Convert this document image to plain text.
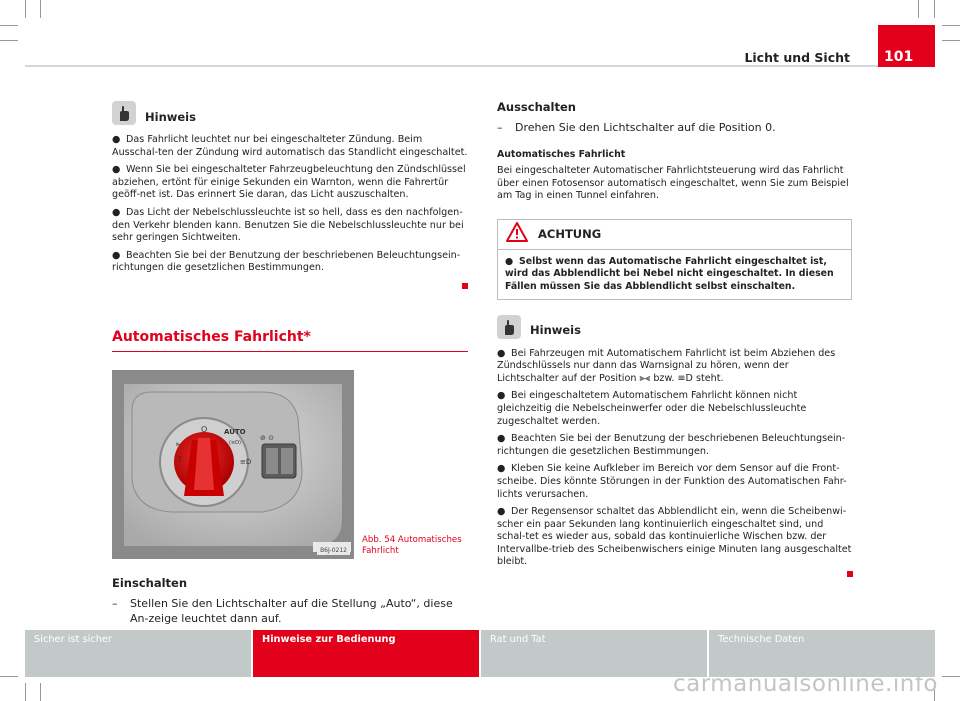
Licht und Sicht	101
Hinweis

● Das Fahrlicht leuchtet nur bei eingeschalteter Zündung. Beim Ausschal-ten der Zündung wird automatisch das Standlicht eingeschaltet.

● Wenn Sie bei eingeschalteter Fahrzeugbeleuchtung den Zündschlüssel abziehen, ertönt für einige Sekunden ein Warnton, wenn die Fahrertür geöff-net ist. Das erinnert Sie daran, das Licht auszuschalten.

● Das Licht der Nebelschlussleuchte ist so hell, dass es den nachfolgen-den Verkehr blenden kann. Benutzen Sie die Nebelschlussleuchte nur bei sehr geringen Sichtweiten.

● Beachten Sie bei der Benutzung der beschriebenen Beleuchtungsein-richtungen die gesetzlichen Bestimmungen.

Automatisches Fahrlicht*
O AUTO
(≡D)
⫸
≡D
⁑
⊘ ⊙
B6J-0212
Abb. 54 Automatisches
Fahrlicht
Einschalten
–	Stellen Sie den Lichtschalter auf die Stellung „Auto“, diese An-zeige leuchtet dann auf.
Ausschalten
–	Drehen Sie den Lichtschalter auf die Position 0.
Automatisches Fahrlicht

Bei eingeschalteter Automatischer Fahrlichtsteuerung wird das Fahrlicht über einen Fotosensor automatisch eingeschaltet, wenn Sie zum Beispiel am Tag in einen Tunnel einfahren.

ACHTUNG
● Selbst wenn das Automatische Fahrlicht eingeschaltet ist, wird das Abblendlicht bei Nebel nicht eingeschaltet. In diesen Fällen müssen Sie das Abblendlicht selbst einschalten.
Hinweis

● Bei Fahrzeugen mit Automatischem Fahrlicht ist beim Abziehen des Zündschlüssels nur dann das Warnsignal zu hören, wenn der Lichtschalter auf der Position ⫸⫷ bzw. ≡D steht.

● Bei eingeschaltetem Automatischem Fahrlicht können nicht gleichzeitig die Nebelscheinwerfer oder die Nebelschlussleuchte zugeschaltet werden.

● Beachten Sie bei der Benutzung der beschriebenen Beleuchtungsein-richtungen die gesetzlichen Bestimmungen.

● Kleben Sie keine Aufkleber im Bereich vor dem Sensor auf die Front-scheibe. Dies könnte Störungen in der Funktion des Automatischen Fahr-lichts verursachen.

● Der Regensensor schaltet das Abblendlicht ein, wenn die Scheibenwi-scher ein paar Sekunden lang kontinuierlich eingeschaltet sind, und schal-tet es wieder aus, sobald das kontinuierliche Wischen bzw. der Intervallbe-trieb des Scheibenwischers einige Minuten lang ausgeschaltet bleibt.

Sicher ist sicher	Hinweise zur Bedienung	Rat und Tat	Technische Daten
carmanualsonline.info
